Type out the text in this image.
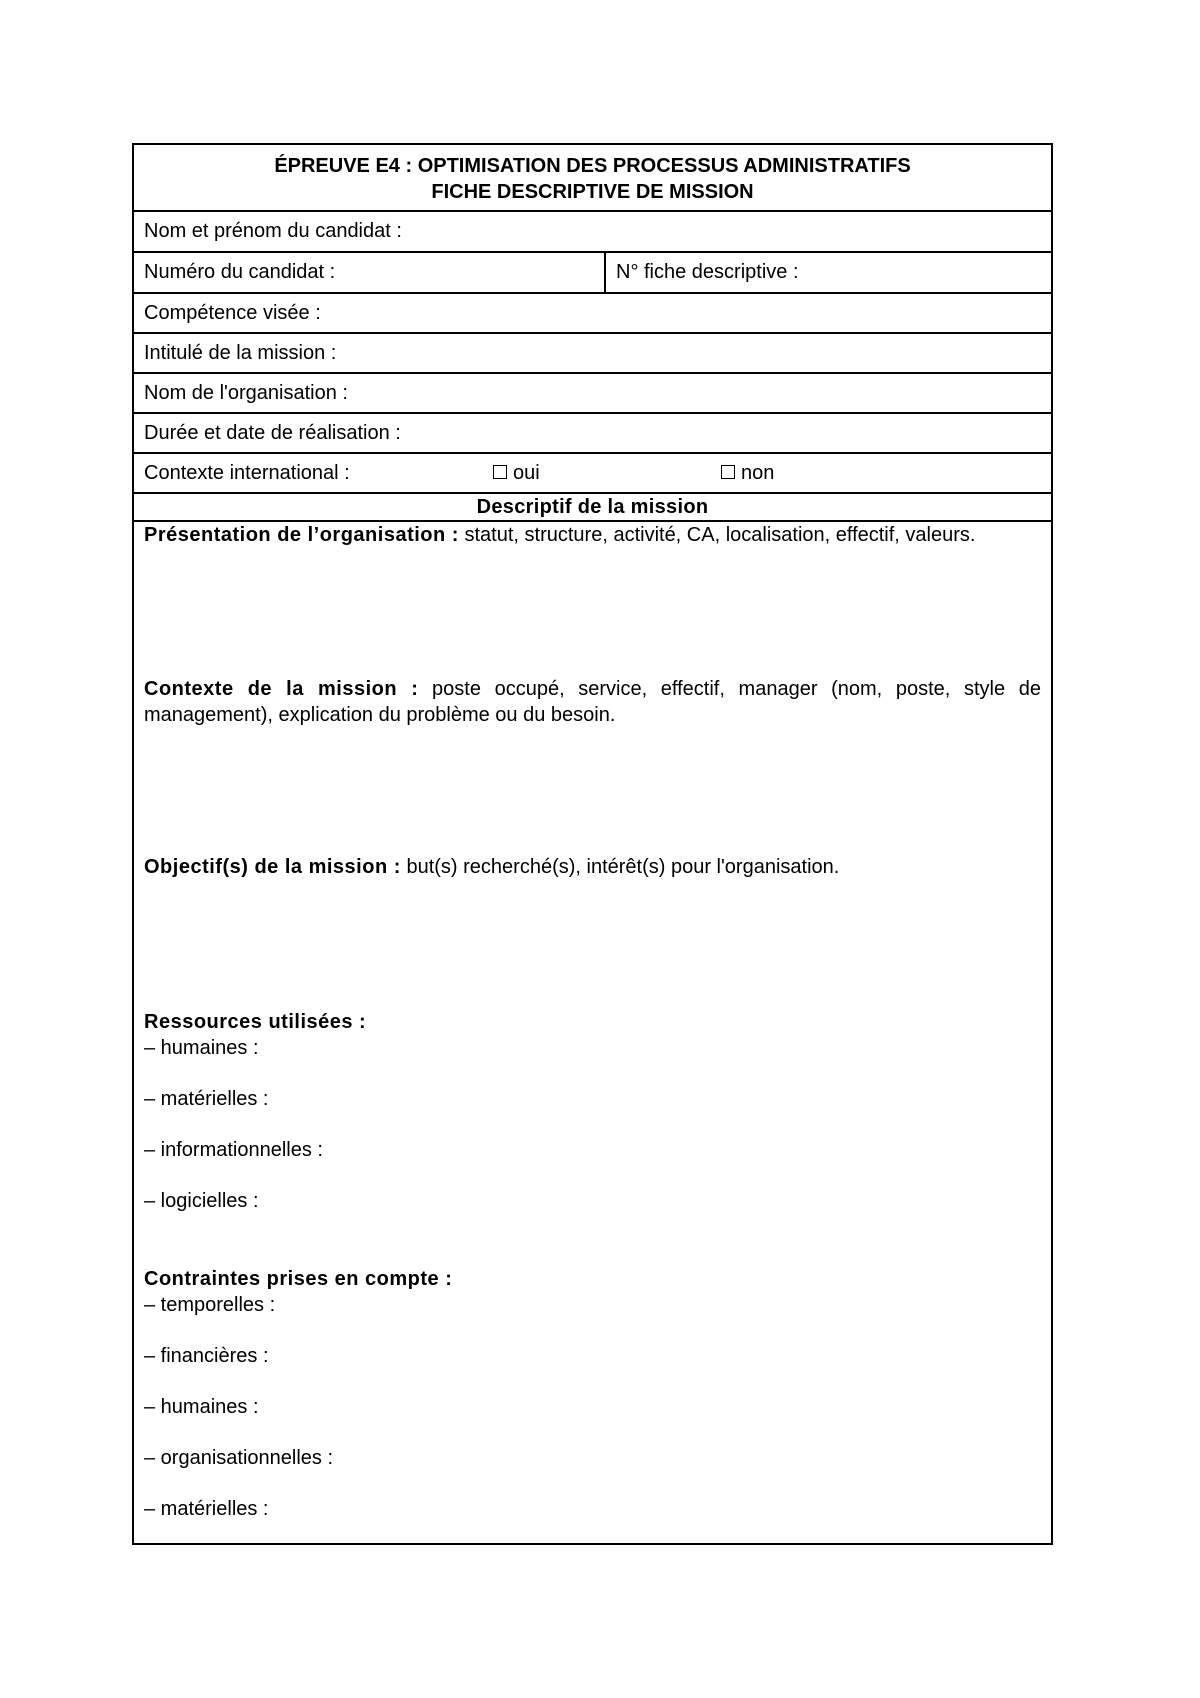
ÉPREUVE E4 : OPTIMISATION DES PROCESSUS ADMINISTRATIFS
FICHE DESCRIPTIVE DE MISSION
Nom et prénom du candidat :
Numéro du candidat :	N° fiche descriptive :
Compétence visée :
Intitulé de la mission :
Nom de l'organisation :
Durée et date de réalisation :
Contexte international :	oui	non
Descriptif de la mission
Présentation de l’organisation : statut, structure, activité, CA, localisation, effectif, valeurs.
Contexte de la mission : poste occupé, service, effectif, manager (nom, poste, style de management), explication du problème ou du besoin.
Objectif(s) de la mission : but(s) recherché(s), intérêt(s) pour l'organisation.
Ressources utilisées :
– humaines :
– matérielles :
– informationnelles :
– logicielles :
Contraintes prises en compte :
– temporelles :
– financières :
– humaines :
– organisationnelles :
– matérielles :
